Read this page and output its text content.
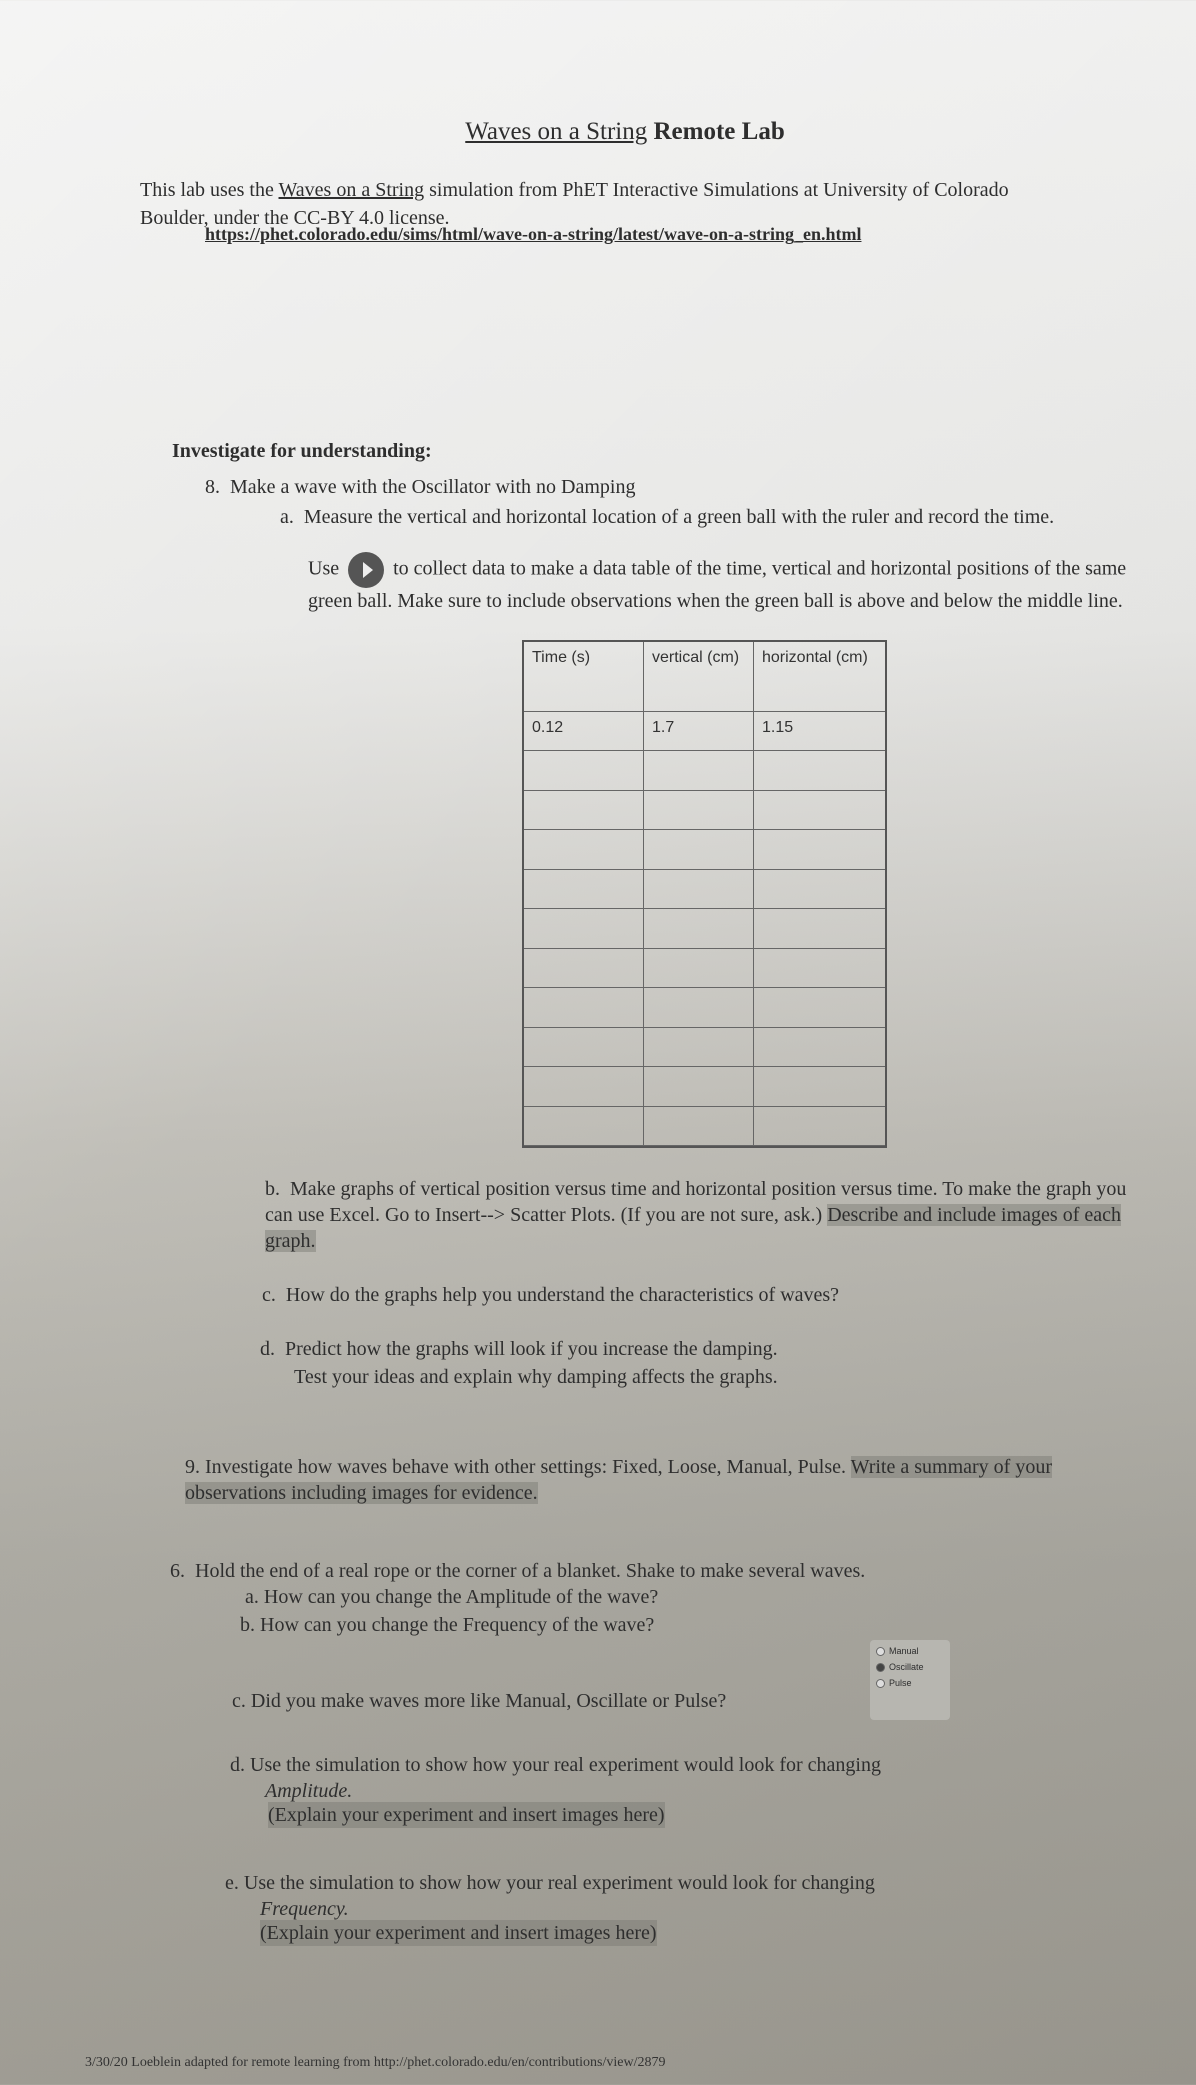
Waves on a String Remote Lab
This lab uses the Waves on a String simulation from PhET Interactive Simulations at University of Colorado Boulder, under the CC-BY 4.0 license.
https://phet.colorado.edu/sims/html/wave-on-a-string/latest/wave-on-a-string_en.html
Investigate for understanding:
8. Make a wave with the Oscillator with no Damping
a. Measure the vertical and horizontal location of a green ball with the ruler and record the time.
Use	to collect data to make a data table of the time, vertical and horizontal positions of the same green ball. Make sure to include observations when the green ball is above and below the middle line.
Time (s)	vertical (cm)	horizontal (cm)
0.12	1.7	1.15
b. Make graphs of vertical position versus time and horizontal position versus time. To make the graph you can use Excel. Go to Insert--> Scatter Plots. (If you are not sure, ask.) Describe and include images of each graph.
c. How do the graphs help you understand the characteristics of waves?
d. Predict how the graphs will look if you increase the damping.
Test your ideas and explain why damping affects the graphs.
9. Investigate how waves behave with other settings: Fixed, Loose, Manual, Pulse. Write a summary of your observations including images for evidence.
6. Hold the end of a real rope or the corner of a blanket. Shake to make several waves.
a. How can you change the Amplitude of the wave?
b. How can you change the Frequency of the wave?
Manual
Oscillate
Pulse
c. Did you make waves more like Manual, Oscillate or Pulse?
d. Use the simulation to show how your real experiment would look for changing
Amplitude.
(Explain your experiment and insert images here)
e. Use the simulation to show how your real experiment would look for changing
Frequency.
(Explain your experiment and insert images here)
3/30/20 Loeblein adapted for remote learning from http://phet.colorado.edu/en/contributions/view/2879
